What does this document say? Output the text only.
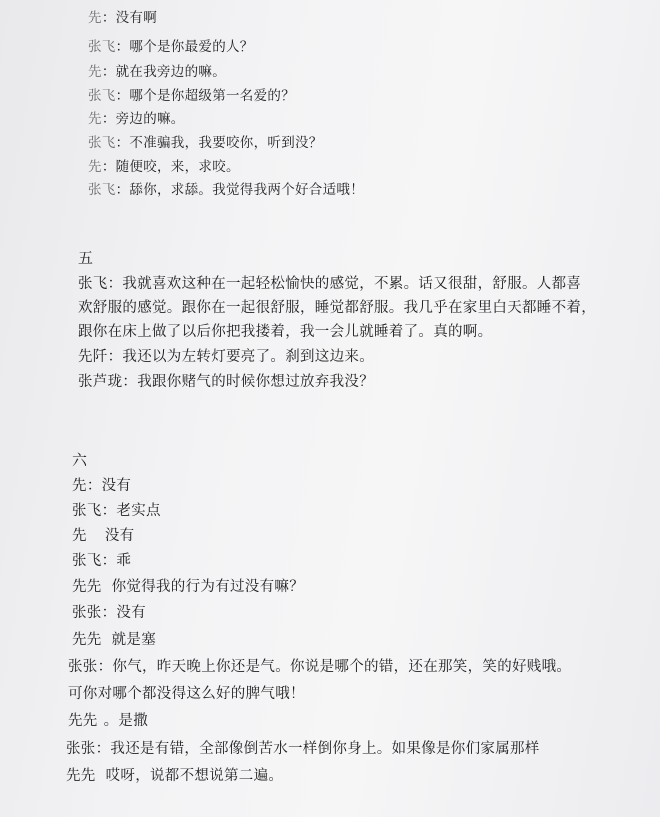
先：没有啊
张飞：哪个是你最爱的人？
先：就在我旁边的嘛。
张飞：哪个是你超级第一名爱的？
先：旁边的嘛。
张飞：不准骗我，我要咬你，听到没？
先：随便咬，来，求咬。
张飞：舔你，求舔。我觉得我两个好合适哦！
五
张飞：我就喜欢这种在一起轻松愉快的感觉，不累。话又很甜，舒服。人都喜
欢舒服的感觉。跟你在一起很舒服，睡觉都舒服。我几乎在家里白天都睡不着，
跟你在床上做了以后你把我搂着，我一会儿就睡着了。真的啊。
先阡：我还以为左转灯要亮了。刹到这边来。
张芦珑：我跟你赌气的时候你想过放弃我没？
六
先：没有
张飞：老实点
先 没有
张飞：乖
先先 你觉得我的行为有过没有嘛？
张张：没有
先先 就是塞
张张：你气，昨天晚上你还是气。你说是哪个的错，还在那笑，笑的好贱哦。
可你对哪个都没得这么好的脾气哦！
先先 。是撒
张张：我还是有错，全部像倒苦水一样倒你身上。如果像是你们家属那样
先先 哎呀，说都不想说第二遍。
